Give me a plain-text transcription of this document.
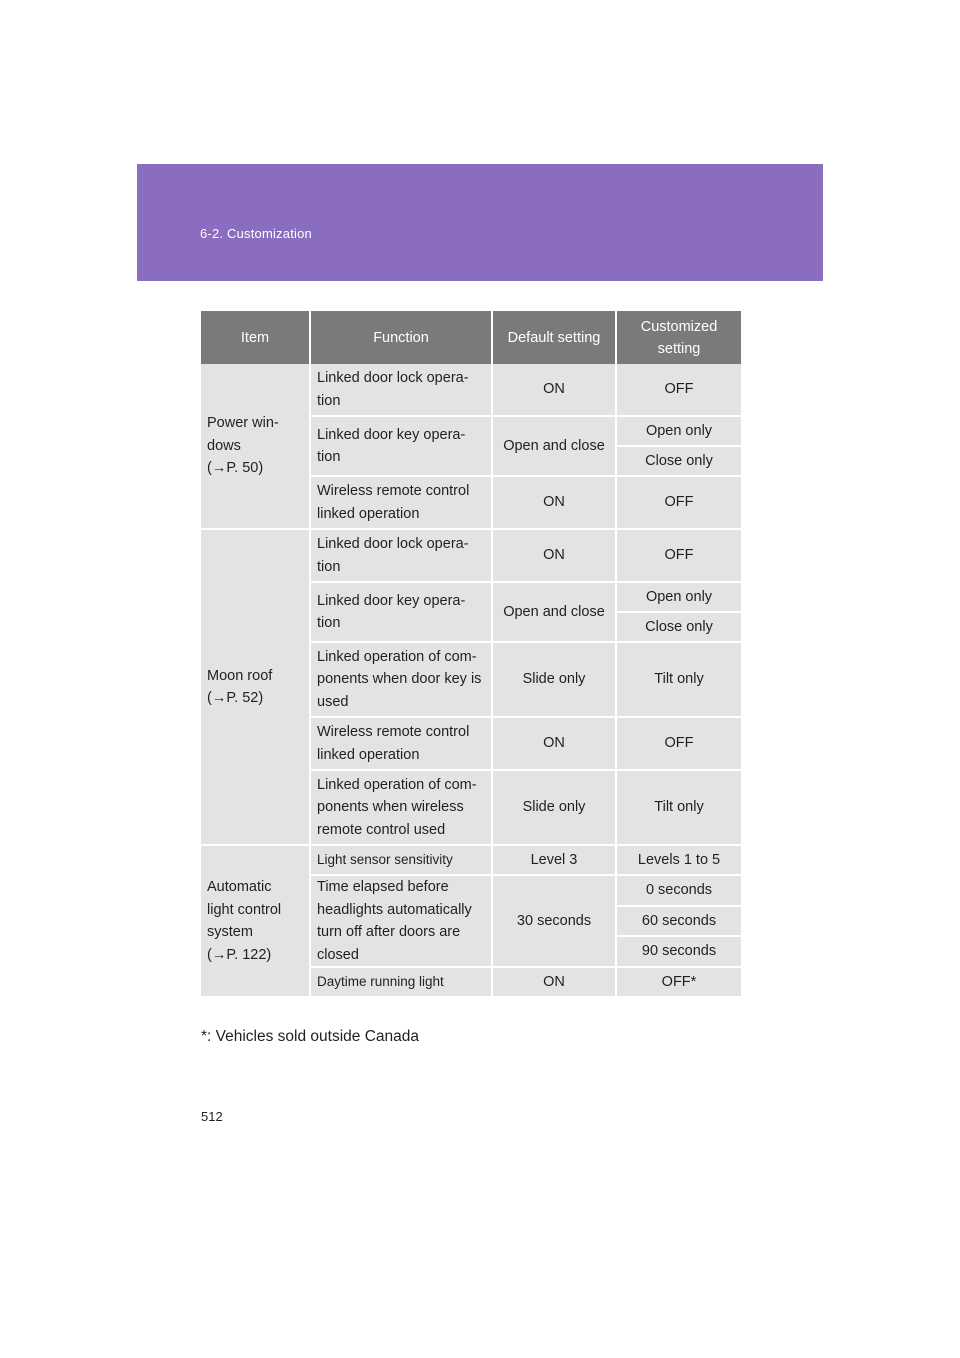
6-2. Customization
Item	Function	Default setting	Customized setting
Power win-
dows
(→P. 50)	Linked door lock opera-
tion	ON	OFF
	Linked door key opera-
tion	Open and close	Open only
			Close only
	Wireless remote control
linked operation	ON	OFF
Moon roof
(→P. 52)	Linked door lock opera-
tion	ON	OFF
	Linked door key opera-
tion	Open and close	Open only
			Close only
	Linked operation of com-
ponents when door key is
used	Slide only	Tilt only
	Wireless remote control
linked operation	ON	OFF
	Linked operation of com-
ponents when wireless
remote control used	Slide only	Tilt only
Automatic
light control
system
(→P. 122)	Light sensor sensitivity	Level 3	Levels 1 to 5
	Time elapsed before
headlights automatically
turn off after doors are
closed	30 seconds	0 seconds
			60 seconds
			90 seconds
	Daytime running light	ON	OFF*
*: Vehicles sold outside Canada
512
